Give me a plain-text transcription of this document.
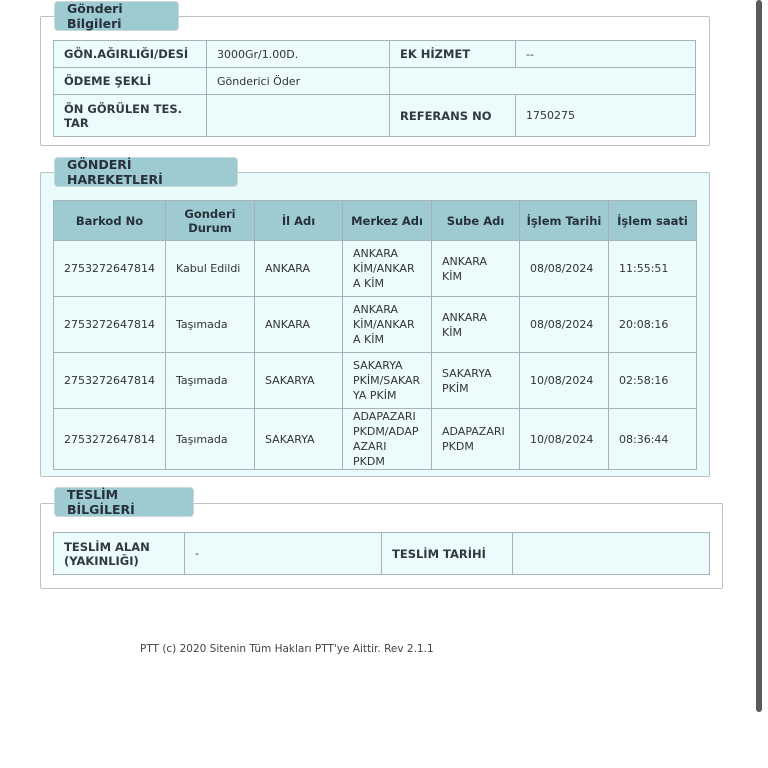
Gönderi Bilgileri
GÖN.AĞIRLIĞI/DESİ	3000Gr/1.00D.	EK HİZMET	--
ÖDEME ŞEKLİ	Gönderici Öder		
ÖN GÖRÜLEN TES. TAR		REFERANS NO	1750275
GÖNDERİ HAREKETLERİ
Barkod No	Gonderi Durum	İl Adı	Merkez Adı	Sube Adı	İşlem Tarihi	İşlem saati
2753272647814	Kabul Edildi	ANKARA	ANKARA KİM/ANKARA KİM	ANKARA KİM	08/08/2024	11:55:51
2753272647814	Taşımada	ANKARA	ANKARA KİM/ANKARA KİM	ANKARA KİM	08/08/2024	20:08:16
2753272647814	Taşımada	SAKARYA	SAKARYA PKİM/SAKARYA PKİM	SAKARYA PKİM	10/08/2024	02:58:16
2753272647814	Taşımada	SAKARYA	ADAPAZARI PKDM/ADAPAZARI PKDM	ADAPAZARI PKDM	10/08/2024	08:36:44
TESLİM BİLGİLERİ
TESLİM ALAN (YAKINLIĞI)	-	TESLİM TARİHİ	
PTT (c) 2020 Sitenin Tüm Hakları PTT'ye Aittir. Rev 2.1.1
